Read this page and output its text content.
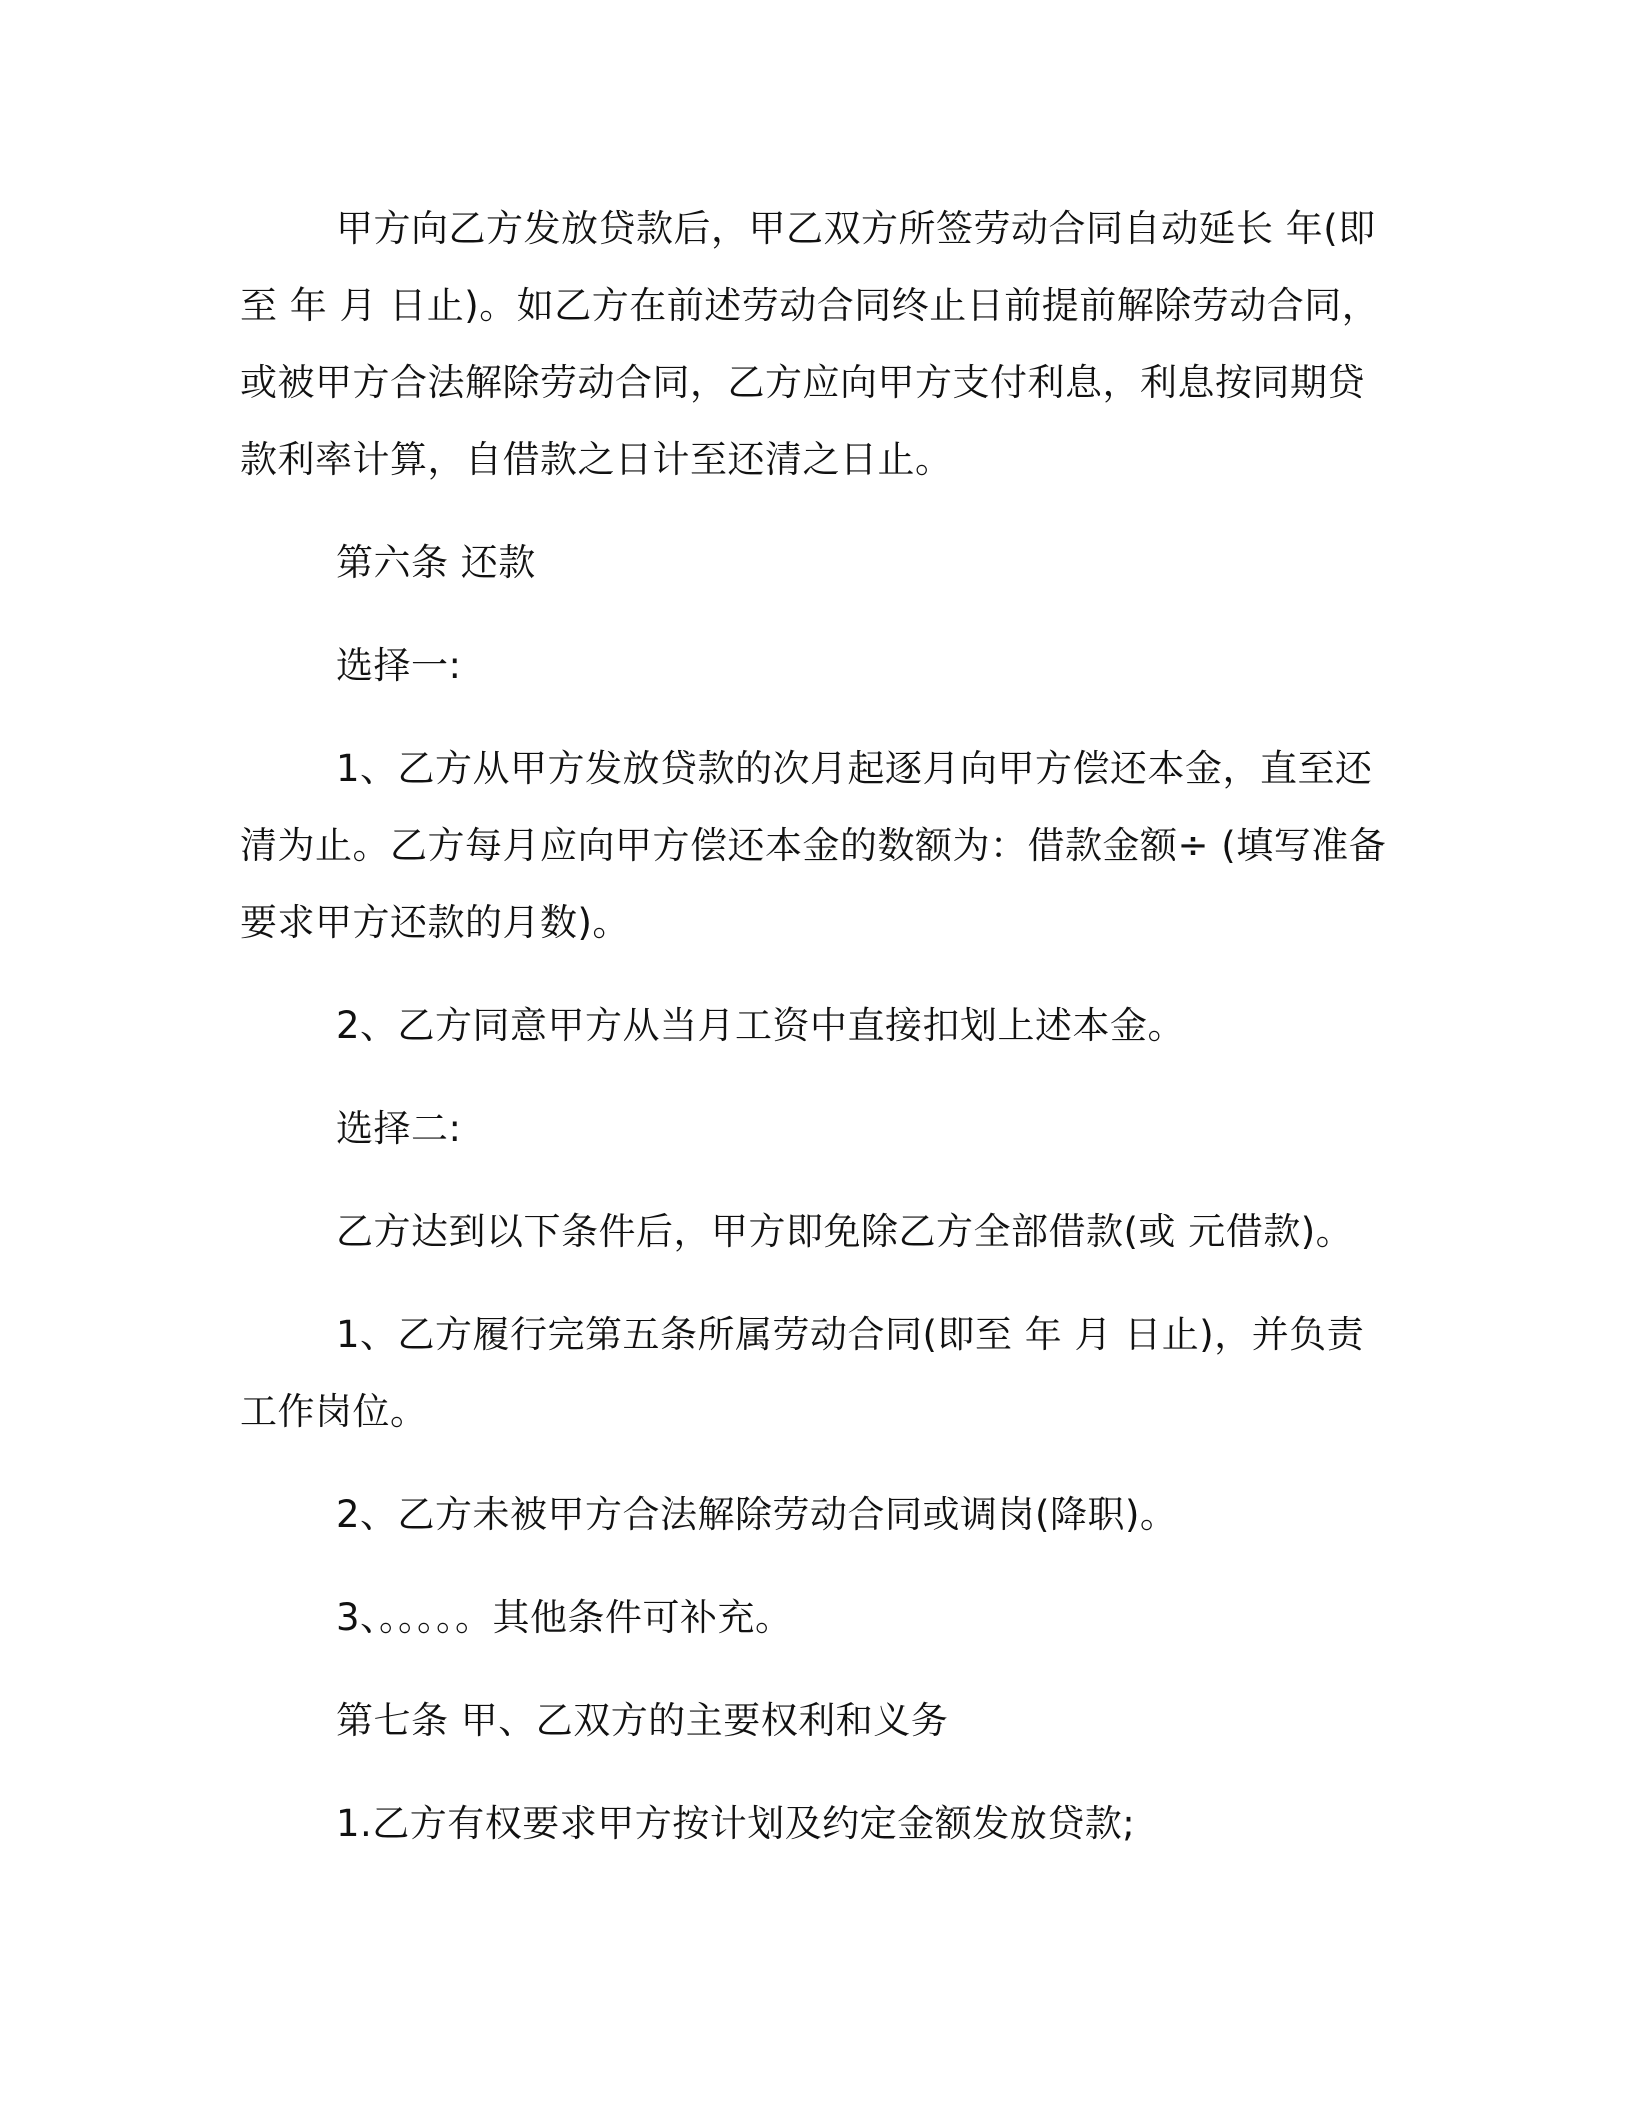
甲方向乙方发放贷款后，甲乙双方所签劳动合同自动延长 年(即至 年 月 日止)。如乙方在前述劳动合同终止日前提前解除劳动合同，或被甲方合法解除劳动合同，乙方应向甲方支付利息，利息按同期贷款利率计算，自借款之日计至还清之日止。

第六条 还款

选择一:

1、乙方从甲方发放贷款的次月起逐月向甲方偿还本金，直至还清为止。乙方每月应向甲方偿还本金的数额为：借款金额÷ (填写准备要求甲方还款的月数)。

2、乙方同意甲方从当月工资中直接扣划上述本金。

选择二:

乙方达到以下条件后，甲方即免除乙方全部借款(或 元借款)。

1、乙方履行完第五条所属劳动合同(即至 年 月 日止)，并负责 工作岗位。

2、乙方未被甲方合法解除劳动合同或调岗(降职)。

3、。。。。。其他条件可补充。

第七条 甲、乙双方的主要权利和义务

1.乙方有权要求甲方按计划及约定金额发放贷款;
